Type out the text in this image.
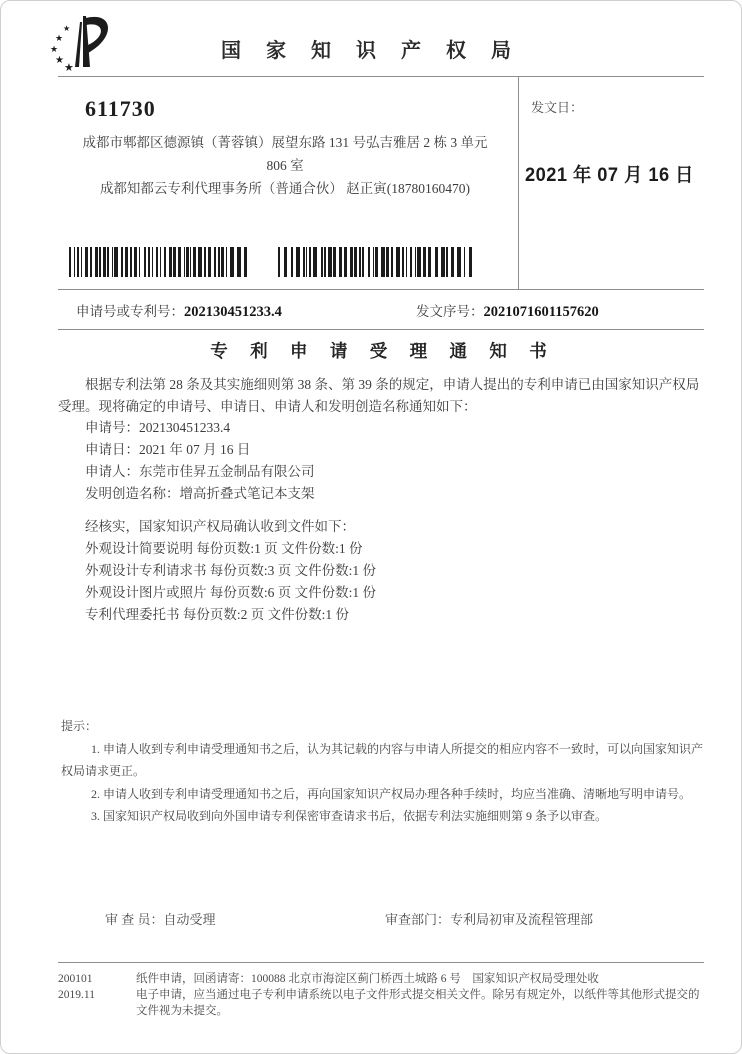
★
★
★
★
★
国 家 知 识 产 权 局
611730
成都市郫都区德源镇（菁蓉镇）展望东路 131 号弘吉雅居 2 栋 3 单元
806 室
成都知都云专利代理事务所（普通合伙） 赵正寅(18780160470)
发文日：
2021 年 07 月 16 日
申请号或专利号：202130451233.4	发文序号：2021071601157620
专 利 申 请 受 理 通 知 书

根据专利法第 28 条及其实施细则第 38 条、第 39 条的规定，申请人提出的专利申请已由国家知识产权局受理。现将确定的申请号、申请日、申请人和发明创造名称通知如下：

申请号：202130451233.4
申请日：2021 年 07 月 16 日
申请人：东莞市佳昇五金制品有限公司
发明创造名称：增高折叠式笔记本支架
经核实，国家知识产权局确认收到文件如下：
外观设计简要说明 每份页数:1 页 文件份数:1 份
外观设计专利请求书 每份页数:3 页 文件份数:1 份
外观设计图片或照片 每份页数:6 页 文件份数:1 份
专利代理委托书 每份页数:2 页 文件份数:1 份
提示：
1. 申请人收到专利申请受理通知书之后，认为其记载的内容与申请人所提交的相应内容不一致时，可以向国家知识产权局请求更正。
2. 申请人收到专利申请受理通知书之后，再向国家知识产权局办理各种手续时，均应当准确、清晰地写明申请号。
3. 国家知识产权局收到向外国申请专利保密审查请求书后，依据专利法实施细则第 9 条予以审查。
审 查 员：自动受理	审查部门：专利局初审及流程管理部
200101
2019.11

纸件申请，回函请寄：100088 北京市海淀区蓟门桥西土城路 6 号　国家知识产权局受理处收

电子申请，应当通过电子专利申请系统以电子文件形式提交相关文件。除另有规定外，以纸件等其他形式提交的文件视为未提交。
